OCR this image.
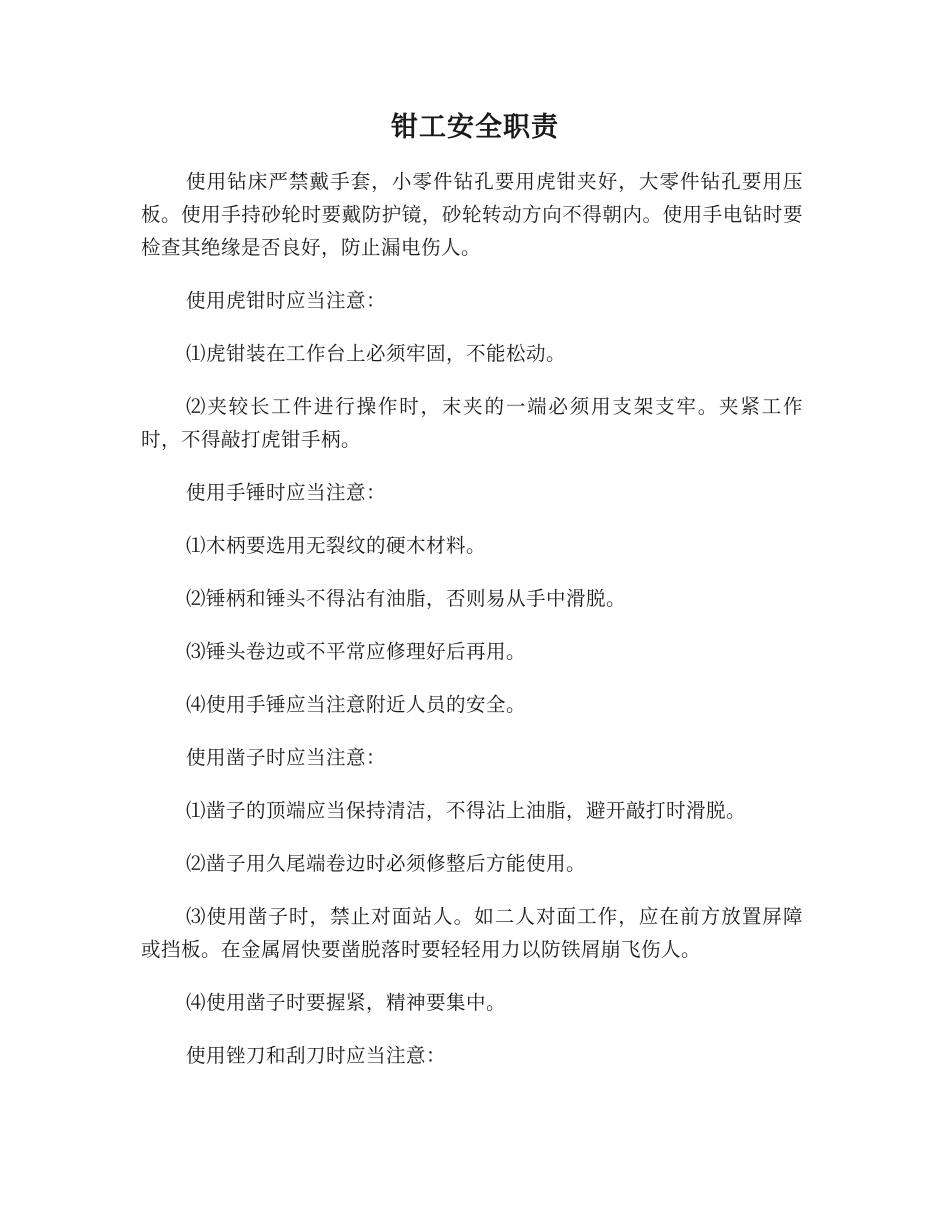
钳工安全职责

使用钻床严禁戴手套，小零件钻孔要用虎钳夹好，大零件钻孔要用压板。使用手持砂轮时要戴防护镜，砂轮转动方向不得朝内。使用手电钻时要检查其绝缘是否良好，防止漏电伤人。

使用虎钳时应当注意：

⑴虎钳装在工作台上必须牢固，不能松动。

⑵夹较长工件进行操作时，末夹的一端必须用支架支牢。夹紧工作时，不得敲打虎钳手柄。

使用手锤时应当注意：

⑴木柄要选用无裂纹的硬木材料。

⑵锤柄和锤头不得沾有油脂，否则易从手中滑脱。

⑶锤头卷边或不平常应修理好后再用。

⑷使用手锤应当注意附近人员的安全。

使用凿子时应当注意：

⑴凿子的顶端应当保持清洁，不得沾上油脂，避开敲打时滑脱。

⑵凿子用久尾端卷边时必须修整后方能使用。

⑶使用凿子时，禁止对面站人。如二人对面工作，应在前方放置屏障或挡板。在金属屑快要凿脱落时要轻轻用力以防铁屑崩飞伤人。

⑷使用凿子时要握紧，精神要集中。

使用锉刀和刮刀时应当注意：
